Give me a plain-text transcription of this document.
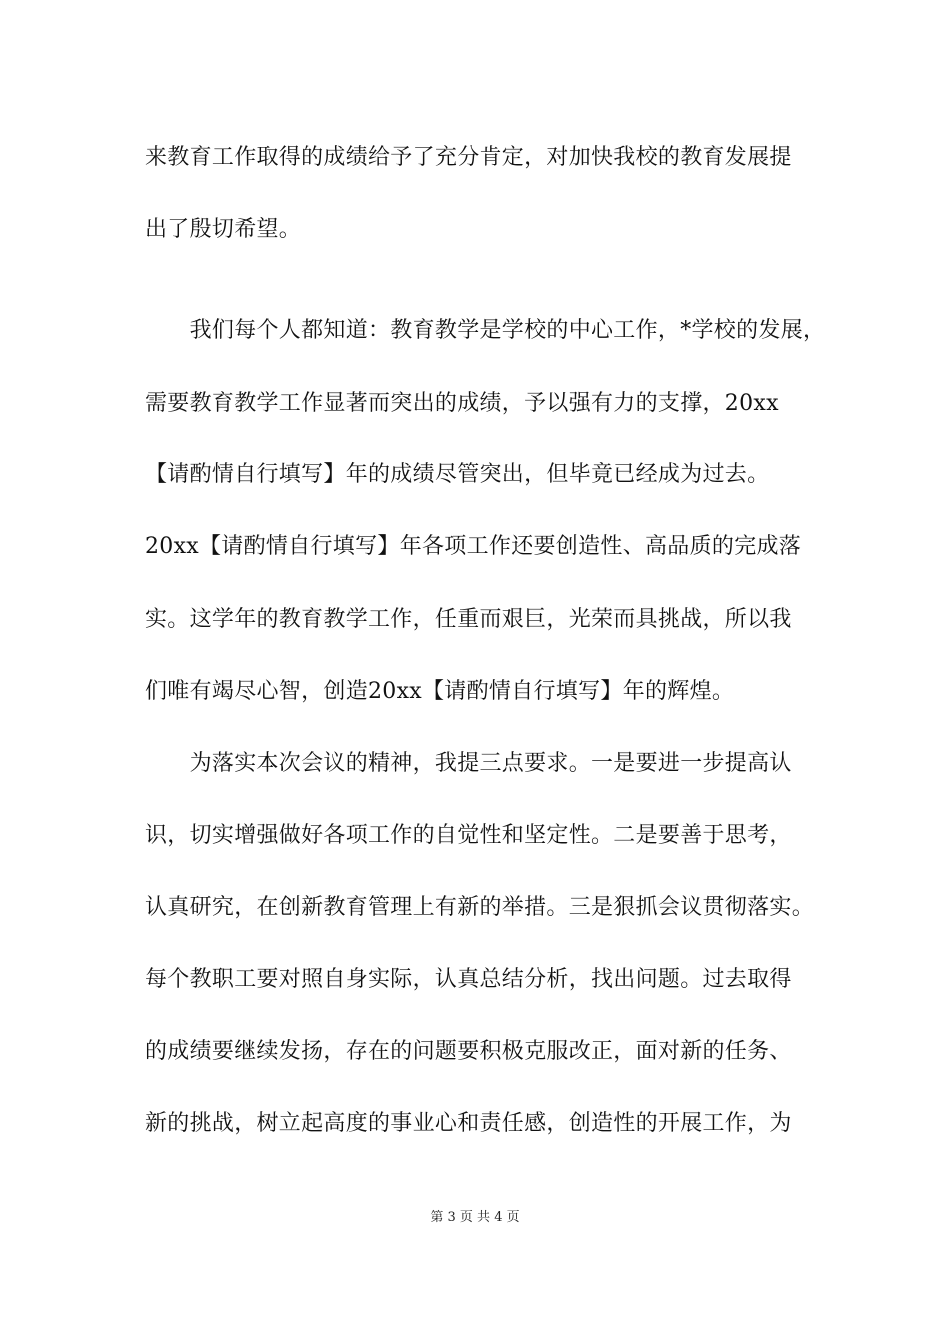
来教育工作取得的成绩给予了充分肯定，对加快我校的教育发展提
出了殷切希望。
　　我们每个人都知道：教育教学是学校的中心工作，*学校的发展，
需要教育教学工作显著而突出的成绩，予以强有力的支撑，20xx
【请酌情自行填写】年的成绩尽管突出，但毕竟已经成为过去。
20xx【请酌情自行填写】年各项工作还要创造性、高品质的完成落
实。这学年的教育教学工作，任重而艰巨，光荣而具挑战，所以我
们唯有竭尽心智，创造20xx【请酌情自行填写】年的辉煌。
　　为落实本次会议的精神，我提三点要求。一是要进一步提高认
识，切实增强做好各项工作的自觉性和坚定性。二是要善于思考，
认真研究，在创新教育管理上有新的举措。三是狠抓会议贯彻落实。
每个教职工要对照自身实际，认真总结分析，找出问题。过去取得
的成绩要继续发扬，存在的问题要积极克服改正，面对新的任务、
新的挑战，树立起高度的事业心和责任感，创造性的开展工作，为
第 3 页 共 4 页
